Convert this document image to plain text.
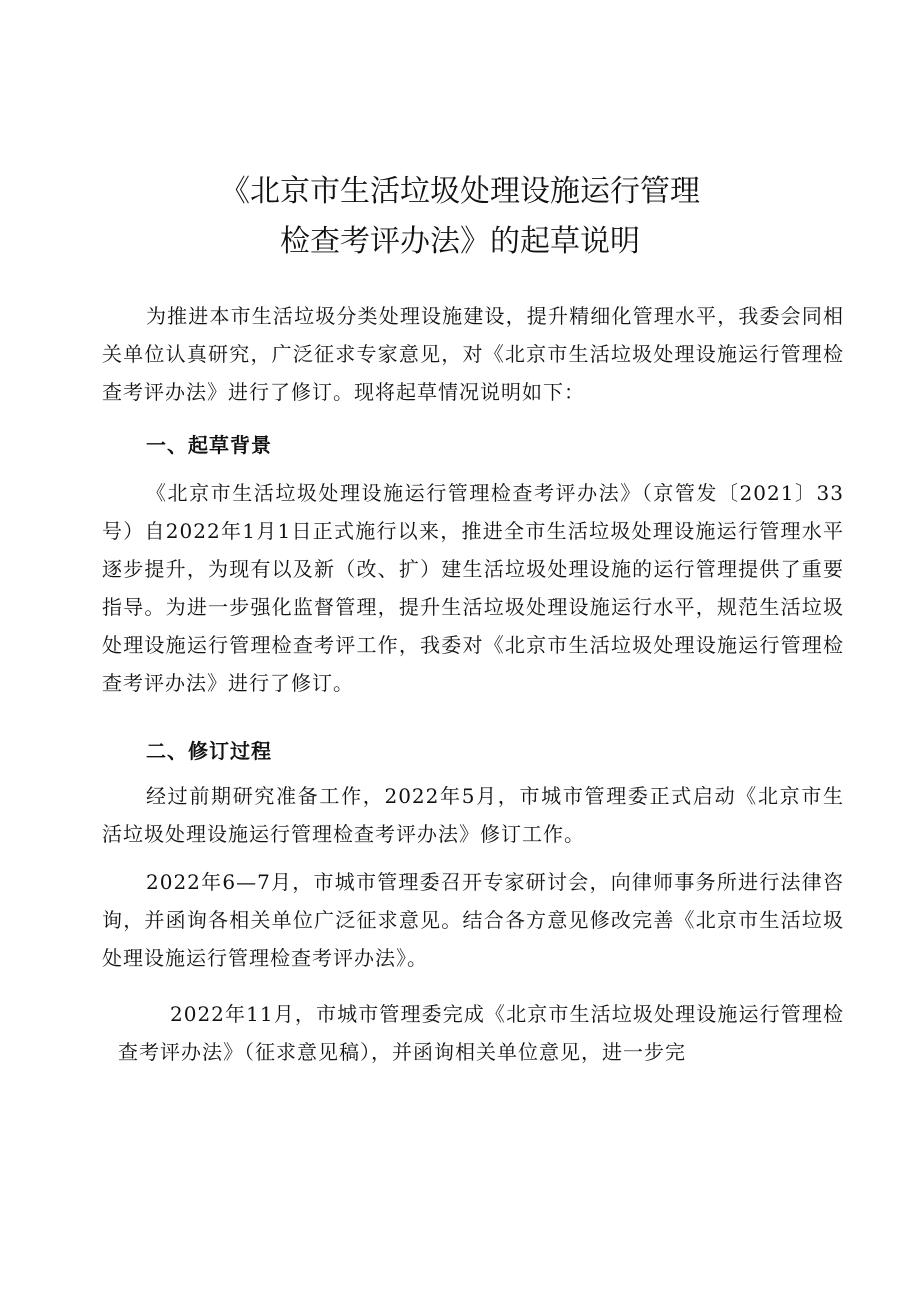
《北京市生活垃圾处理设施运行管理
检查考评办法》的起草说明

为推进本市生活垃圾分类处理设施建设，提升精细化管理水平，我委会同相关单位认真研究，广泛征求专家意见，对《北京市生活垃圾处理设施运行管理检查考评办法》进行了修订。现将起草情况说明如下：

一、起草背景

《北京市生活垃圾处理设施运行管理检查考评办法》（京管发〔2021〕33号）自2022年1月1日正式施行以来，推进全市生活垃圾处理设施运行管理水平逐步提升，为现有以及新（改、扩）建生活垃圾处理设施的运行管理提供了重要指导。为进一步强化监督管理，提升生活垃圾处理设施运行水平，规范生活垃圾处理设施运行管理检查考评工作，我委对《北京市生活垃圾处理设施运行管理检查考评办法》进行了修订。

二、修订过程

经过前期研究准备工作，2022年5月，市城市管理委正式启动《北京市生活垃圾处理设施运行管理检查考评办法》修订工作。

2022年6—7月，市城市管理委召开专家研讨会，向律师事务所进行法律咨询，并函询各相关单位广泛征求意见。结合各方意见修改完善《北京市生活垃圾处理设施运行管理检查考评办法》。

2022年11月，市城市管理委完成《北京市生活垃圾处理设施运行管理检查考评办法》（征求意见稿），并函询相关单位意见，进一步完
